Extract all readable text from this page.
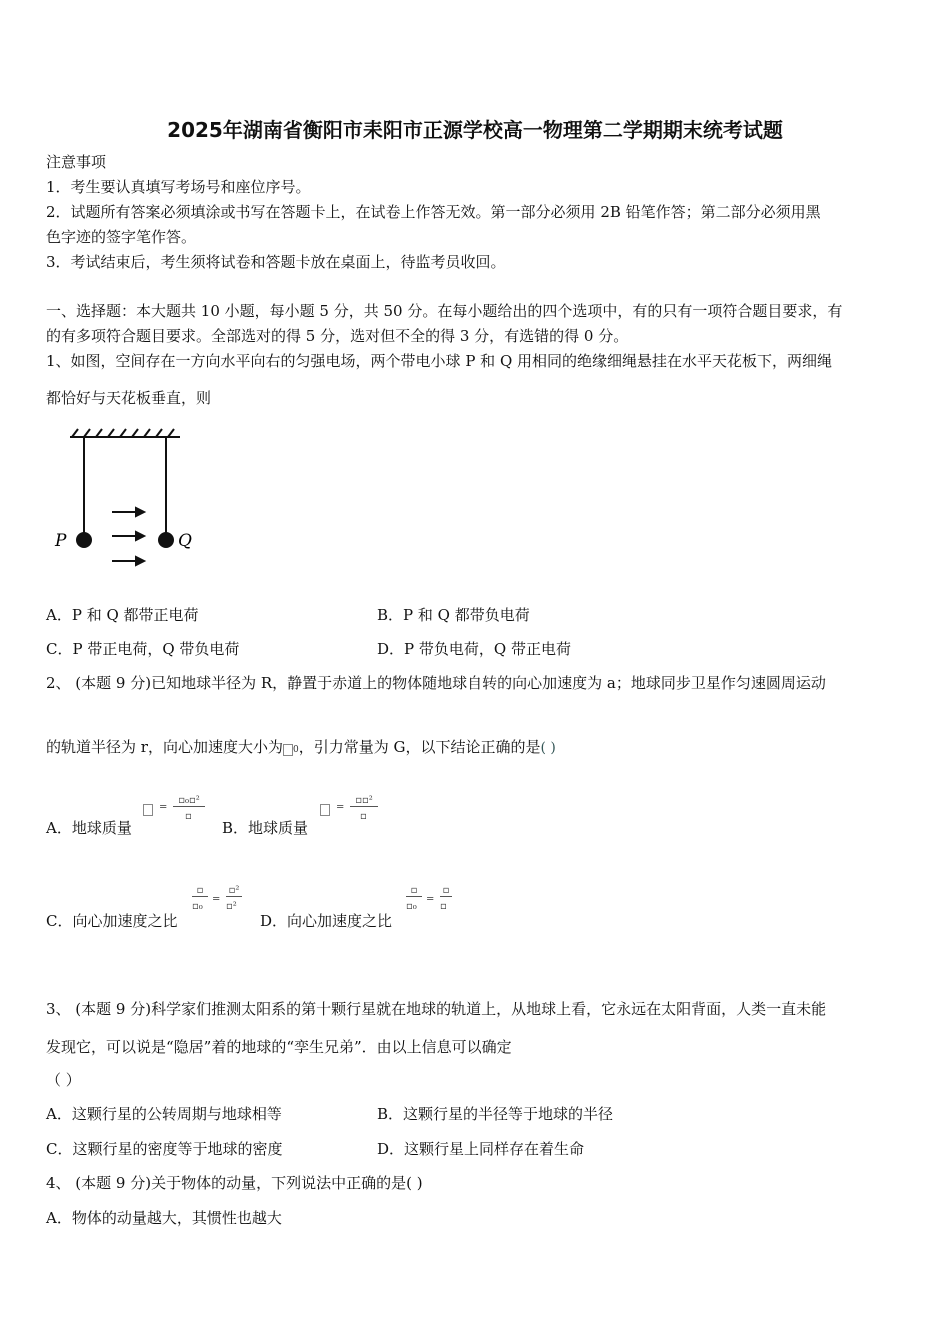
2025年湖南省衡阳市耒阳市正源学校高一物理第二学期期末统考试题
注意事项
1．考生要认真填写考场号和座位序号。
2．试题所有答案必须填涂或书写在答题卡上，在试卷上作答无效。第一部分必须用 2B 铅笔作答；第二部分必须用黑
色字迹的签字笔作答。
3．考试结束后，考生须将试卷和答题卡放在桌面上，待监考员收回。
一、选择题：本大题共 10 小题，每小题 5 分，共 50 分。在每小题给出的四个选项中，有的只有一项符合题目要求，有
的有多项符合题目要求。全部选对的得 5 分，选对但不全的得 3 分，有选错的得 0 分。
1、如图，空间存在一方向水平向右的匀强电场，两个带电小球 P 和 Q 用相同的绝缘细绳悬挂在水平天花板下，两细绳
都恰好与天花板垂直，则
P	Q
A．P 和 Q 都带正电荷	B．P 和 Q 都带负电荷
C．P 带正电荷，Q 带负电荷	D．P 带负电荷，Q 带正电荷
2、 (本题 9 分)已知地球半径为 R，静置于赤道上的物体随地球自转的向心加速度为 a；地球同步卫星作匀速圆周运动
的轨道半径为 r，向心加速度大小为 0，引力常量为 G，以下结论正确的是( )
A．地球质量
=
▫₀▫²
▫
B．地球质量
=
▫▫²
▫
C．向心加速度之比
▫
▫₀
=
▫²
▫²
D．向心加速度之比
▫
▫₀
=
▫
▫
3、 (本题 9 分)科学家们推测太阳系的第十颗行星就在地球的轨道上，从地球上看，它永远在太阳背面，人类一直未能
发现它，可以说是“隐居”着的地球的“孪生兄弟”．由以上信息可以确定
（ ）
A．这颗行星的公转周期与地球相等	B．这颗行星的半径等于地球的半径
C．这颗行星的密度等于地球的密度	D．这颗行星上同样存在着生命
4、 (本题 9 分)关于物体的动量，下列说法中正确的是( )
A．物体的动量越大，其惯性也越大
